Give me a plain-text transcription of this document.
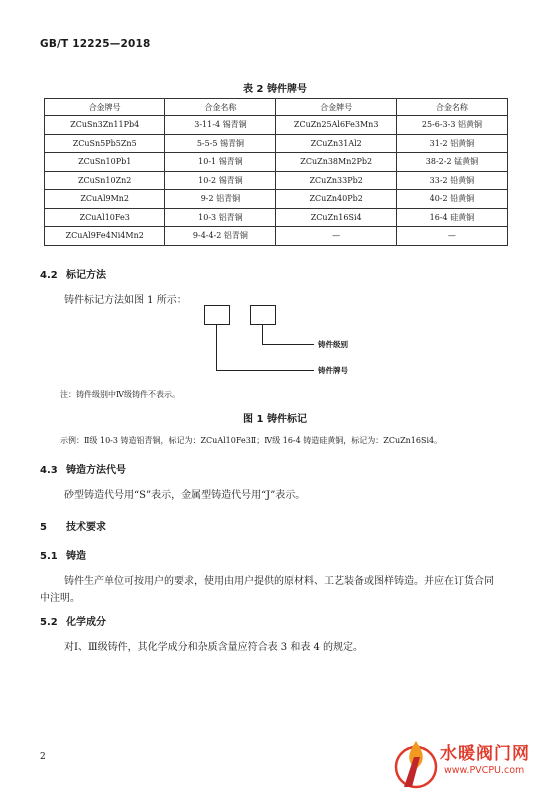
GB/T 12225—2018
表 2 铸件牌号
合金牌号	合金名称	合金牌号	合金名称
ZCuSn3Zn11Pb4	3-11-4 锡青铜	ZCuZn25Al6Fe3Mn3	25-6-3-3 铝黄铜
ZCuSn5Pb5Zn5	5-5-5 锡青铜	ZCuZn31Al2	31-2 铝黄铜
ZCuSn10Pb1	10-1 锡青铜	ZCuZn38Mn2Pb2	38-2-2 锰黄铜
ZCuSn10Zn2	10-2 锡青铜	ZCuZn33Pb2	33-2 铅黄铜
ZCuAl9Mn2	9-2 铝青铜	ZCuZn40Pb2	40-2 铅黄铜
ZCuAl10Fe3	10-3 铝青铜	ZCuZn16Si4	16-4 硅黄铜
ZCuAl9Fe4Ni4Mn2	9-4-4-2 铝青铜	—	—
4.2 标记方法
铸件标记方法如图 1 所示：
铸件级别
铸件牌号
注：铸件级别中Ⅳ级铸件不表示。
图 1 铸件标记
示例：Ⅱ级 10-3 铸造铝青铜，标记为：ZCuAl10Fe3Ⅱ；Ⅳ级 16-4 铸造硅黄铜，标记为：ZCuZn16Si4。
4.3 铸造方法代号
砂型铸造代号用“S”表示，金属型铸造代号用“J”表示。
5 技术要求
5.1 铸造
铸件生产单位可按用户的要求，使用由用户提供的原材料、工艺装备或图样铸造。并应在订货合同
中注明。
5.2 化学成分
对Ⅰ、Ⅲ级铸件，其化学成分和杂质含量应符合表 3 和表 4 的规定。
2	水暖阀门网
www.PVCPU.com
